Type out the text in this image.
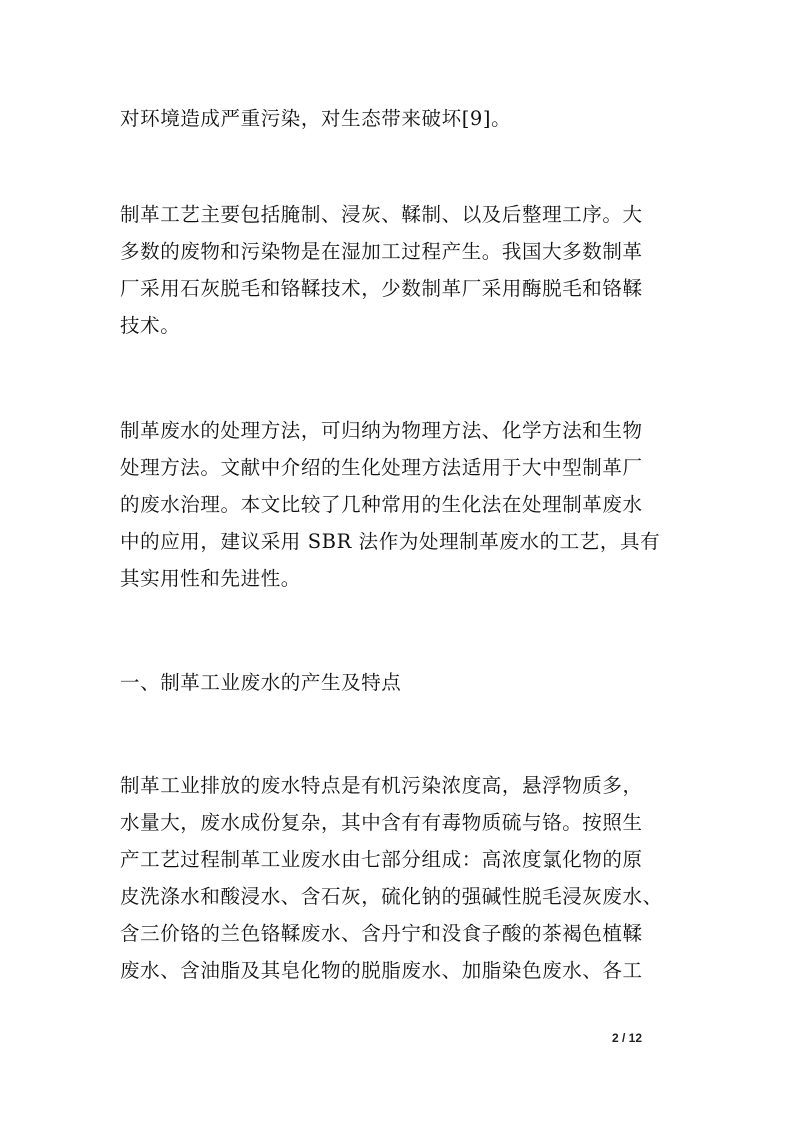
对环境造成严重污染，对生态带来破坏[9]。
制革工艺主要包括腌制、浸灰、鞣制、以及后整理工序。大
多数的废物和污染物是在湿加工过程产生。我国大多数制革
厂采用石灰脱毛和铬鞣技术，少数制革厂采用酶脱毛和铬鞣
技术。
制革废水的处理方法，可归纳为物理方法、化学方法和生物
处理方法。文献中介绍的生化处理方法适用于大中型制革厂
的废水治理。本文比较了几种常用的生化法在处理制革废水
中的应用，建议采用 SBR 法作为处理制革废水的工艺，具有
其实用性和先进性。
一、制革工业废水的产生及特点
制革工业排放的废水特点是有机污染浓度高，悬浮物质多，
水量大，废水成份复杂，其中含有有毒物质硫与铬。按照生
产工艺过程制革工业废水由七部分组成：高浓度氯化物的原
皮洗涤水和酸浸水、含石灰，硫化钠的强碱性脱毛浸灰废水、
含三价铬的兰色铬鞣废水、含丹宁和没食子酸的茶褐色植鞣
废水、含油脂及其皂化物的脱脂废水、加脂染色废水、各工
2 / 12
